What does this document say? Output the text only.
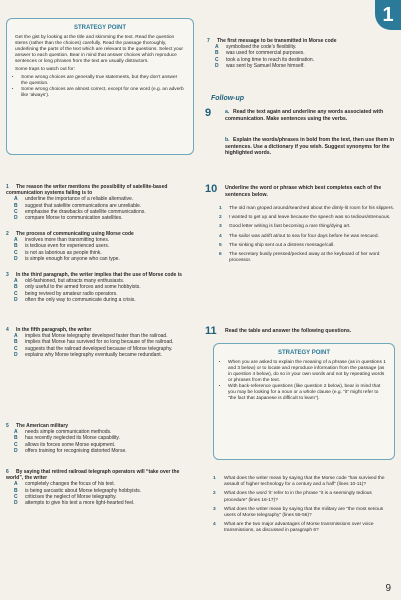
1
STRATEGY POINT
Get the gist by looking at the title and skimming the text. Read the question stems (rather than the choices) carefully. Read the passage thoroughly, underlining the parts of the text which are relevant to the questions. Select your answer to each question. Bear in mind that answer choices which reproduce sentences or long phrases from the text are usually distractors.
Some traps to watch out for:
• Some wrong choices are generally true statements, but they don’t answer the question.
• Some wrong choices are almost correct, except for one word (e.g. an adverb like ‘always’).
1 The reason the writer mentions the possibility of satellite-based communication systems failing is to
A	underline the importance of a reliable alternative.
B	suggest that satellite communications are unreliable.
C	emphasise the drawbacks of satellite communications.
D	compare Morse to communication satellites.
2 The process of communicating using Morse code
A	involves more than transmitting tones.
B	is tedious even for experienced users.
C	is not as laborious as people think.
D	is simple enough for anyone who can type.
3 In the third paragraph, the writer implies that the use of Morse code is
A	old-fashioned, but attracts many enthusiasts.
B	only useful to the armed forces and some hobbyists.
C	being revived by amateur radio operators.
D	often the only way to communicate during a crisis.
4 In the fifth paragraph, the writer
A	implies that Morse telegraphy developed faster than the railroad.
B	implies that Morse has survived for so long because of the railroad.
C	suggests that the railroad developed because of Morse telegraphy.
D	explains why Morse telegraphy eventually became redundant.
5 The American military
A	needs simple communication methods.
B	has recently neglected its Morse capability.
C	allows its forces some Morse equipment.
D	offers training for recognising distorted Morse.
6 By saying that retired railroad telegraph operators will “take over the world”, the writer
A	completely changes the focus of his text.
B	is being sarcastic about Morse telegraphy hobbyists.
C	criticises the neglect of Morse telegraphy.
D	attempts to give his text a more light-hearted feel.
7 The first message to be transmitted in Morse code
A	symbolised the code’s flexibility.
B	was used for commercial purposes.
C	took a long time to reach its destination.
D	was sent by Samuel Morse himself.
Follow-up
9	a. Read the text again and underline any words associated with communication. Make sentences using the verbs.
b. Explain the words/phrases in bold from the text, then use them in sentences. Use a dictionary if you wish. Suggest synonyms for the highlighted words.
10 Underline the word or phrase which best completes each of the sentences below.
1	The old man groped around/searched about the dimly-lit room for his slippers.
2	I wanted to get up and leave because the speech was so tedious/strenuous.
3	Good letter writing is fast becoming a rare thing/dying art.
4	The sailor was adrift at/out to sea for four days before he was rescued.
5	The sinking ship sent out a distress message/call.
6	The secretary busily pressed/pecked away at the keyboard of her word processor.
11 Read the table and answer the following questions.
STRATEGY POINT
• When you are asked to explain the meaning of a phrase (as in questions 1 and 3 below) or to locate and reproduce information from the passage (as in question 4 below), do so in your own words and not by repeating words or phrases from the text.
• With back-reference questions (like question 2 below), bear in mind that you may be looking for a noun or a whole clause (e.g. “it” might refer to “the fact that Japanese is difficult to learn”).
1	What does the writer mean by saying that the Morse code “has survived the assault of higher technology for a century and a half” (lines 10-11)?
2	What does the word ‘it’ refer to in the phrase “it is a seemingly tedious procedure” (lines 16-17)?
3	What does the writer mean by saying that the military are “the most serious users of Morse telegraphy” (lines 55-56)?
4	What are the two major advantages of Morse transmissions over voice transmissions, as discussed in paragraph 6?
9
